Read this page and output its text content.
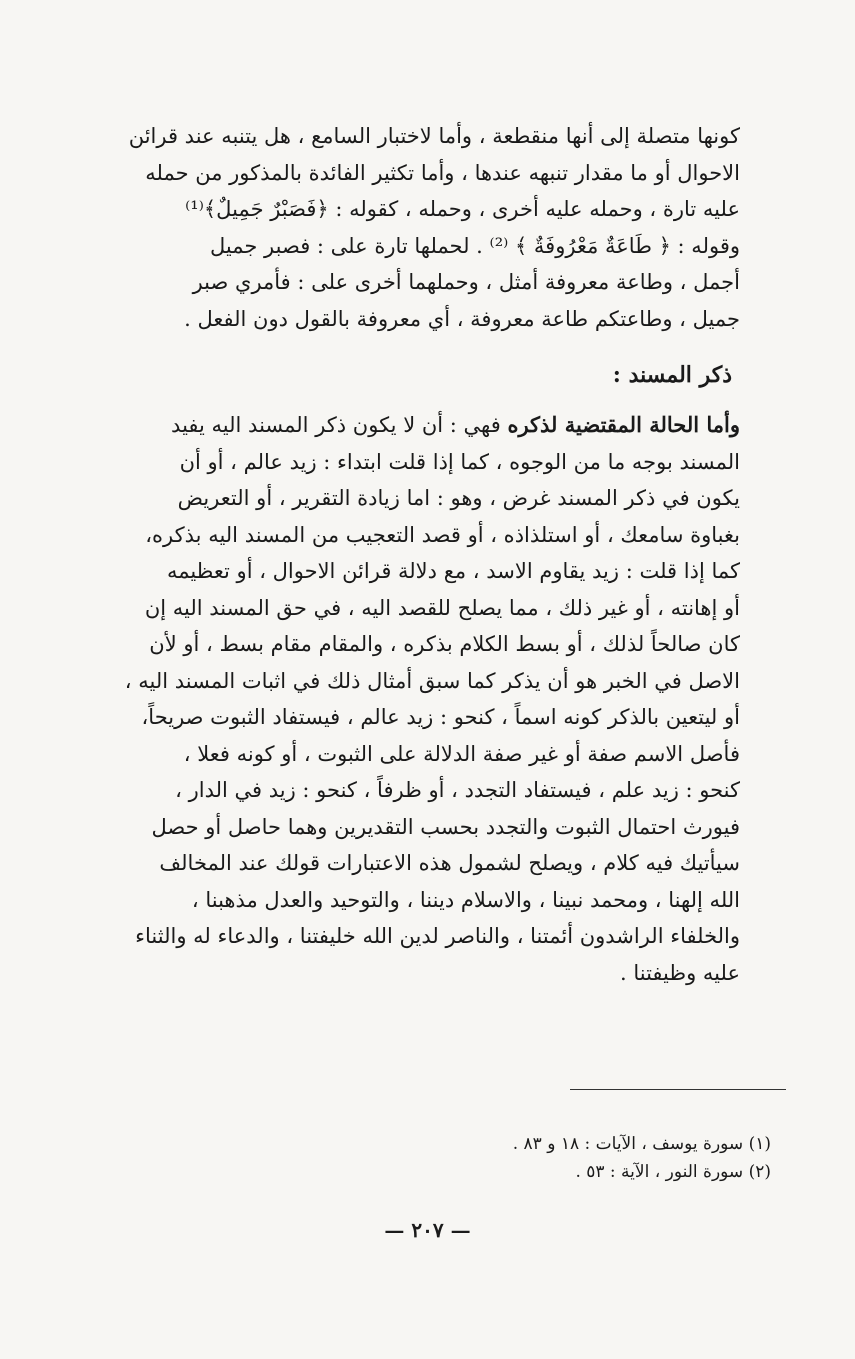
كونها متصلة إلى أنها منقطعة ، وأما لاختبار السامع ، هل يتنبه عند قرائن
الاحوال أو ما مقدار تنبهه عندها ، وأما تكثير الفائدة بالمذكور من حمله
عليه تارة ، وحمله عليه أخرى ، وحمله ، كقوله : ﴿فَصَبْرٌ جَمِيلٌ﴾⁽¹⁾
وقوله : ﴿ طَاعَةٌ مَعْرُوفَةٌ ﴾ ⁽²⁾ . لحملها تارة على : فصبر جميل
أجمل ، وطاعة معروفة أمثل ، وحملهما أخرى على : فأمري صبر
جميل ، وطاعتكم طاعة معروفة ، أي معروفة بالقول دون الفعل .

ذكر المسند :

وأما الحالة المقتضية لذكره فهي : أن لا يكون ذكر المسند اليه يفيد
المسند بوجه ما من الوجوه ، كما إذا قلت ابتداء : زيد عالم ، أو أن
يكون في ذكر المسند غرض ، وهو : اما زيادة التقرير ، أو التعريض
بغباوة سامعك ، أو استلذاذه ، أو قصد التعجيب من المسند اليه بذكره،
كما إذا قلت : زيد يقاوم الاسد ، مع دلالة قرائن الاحوال ، أو تعظيمه
أو إهانته ، أو غير ذلك ، مما يصلح للقصد اليه ، في حق المسند اليه إن
كان صالحاً لذلك ، أو بسط الكلام بذكره ، والمقام مقام بسط ، أو لأن
الاصل في الخبر هو أن يذكر كما سبق أمثال ذلك في اثبات المسند اليه ،
أو ليتعين بالذكر كونه اسماً ، كنحو : زيد عالم ، فيستفاد الثبوت صريحاً،
فأصل الاسم صفة أو غير صفة الدلالة على الثبوت ، أو كونه فعلا ،
كنحو : زيد علم ، فيستفاد التجدد ، أو ظرفاً ، كنحو : زيد في الدار ،
فيورث احتمال الثبوت والتجدد بحسب التقديرين وهما حاصل أو حصل
سيأتيك فيه كلام ، ويصلح لشمول هذه الاعتبارات قولك عند المخالف
الله إلهنا ، ومحمد نبينا ، والاسلام ديننا ، والتوحيد والعدل مذهبنا ،
والخلفاء الراشدون أئمتنا ، والناصر لدين الله خليفتنا ، والدعاء له والثناء
عليه وظيفتنا .

(١) سورة يوسف ، الآيات : ١٨ و ٨٣ .
(٢) سورة النور ، الآية : ٥٣ .
— ٢٠٧ —
